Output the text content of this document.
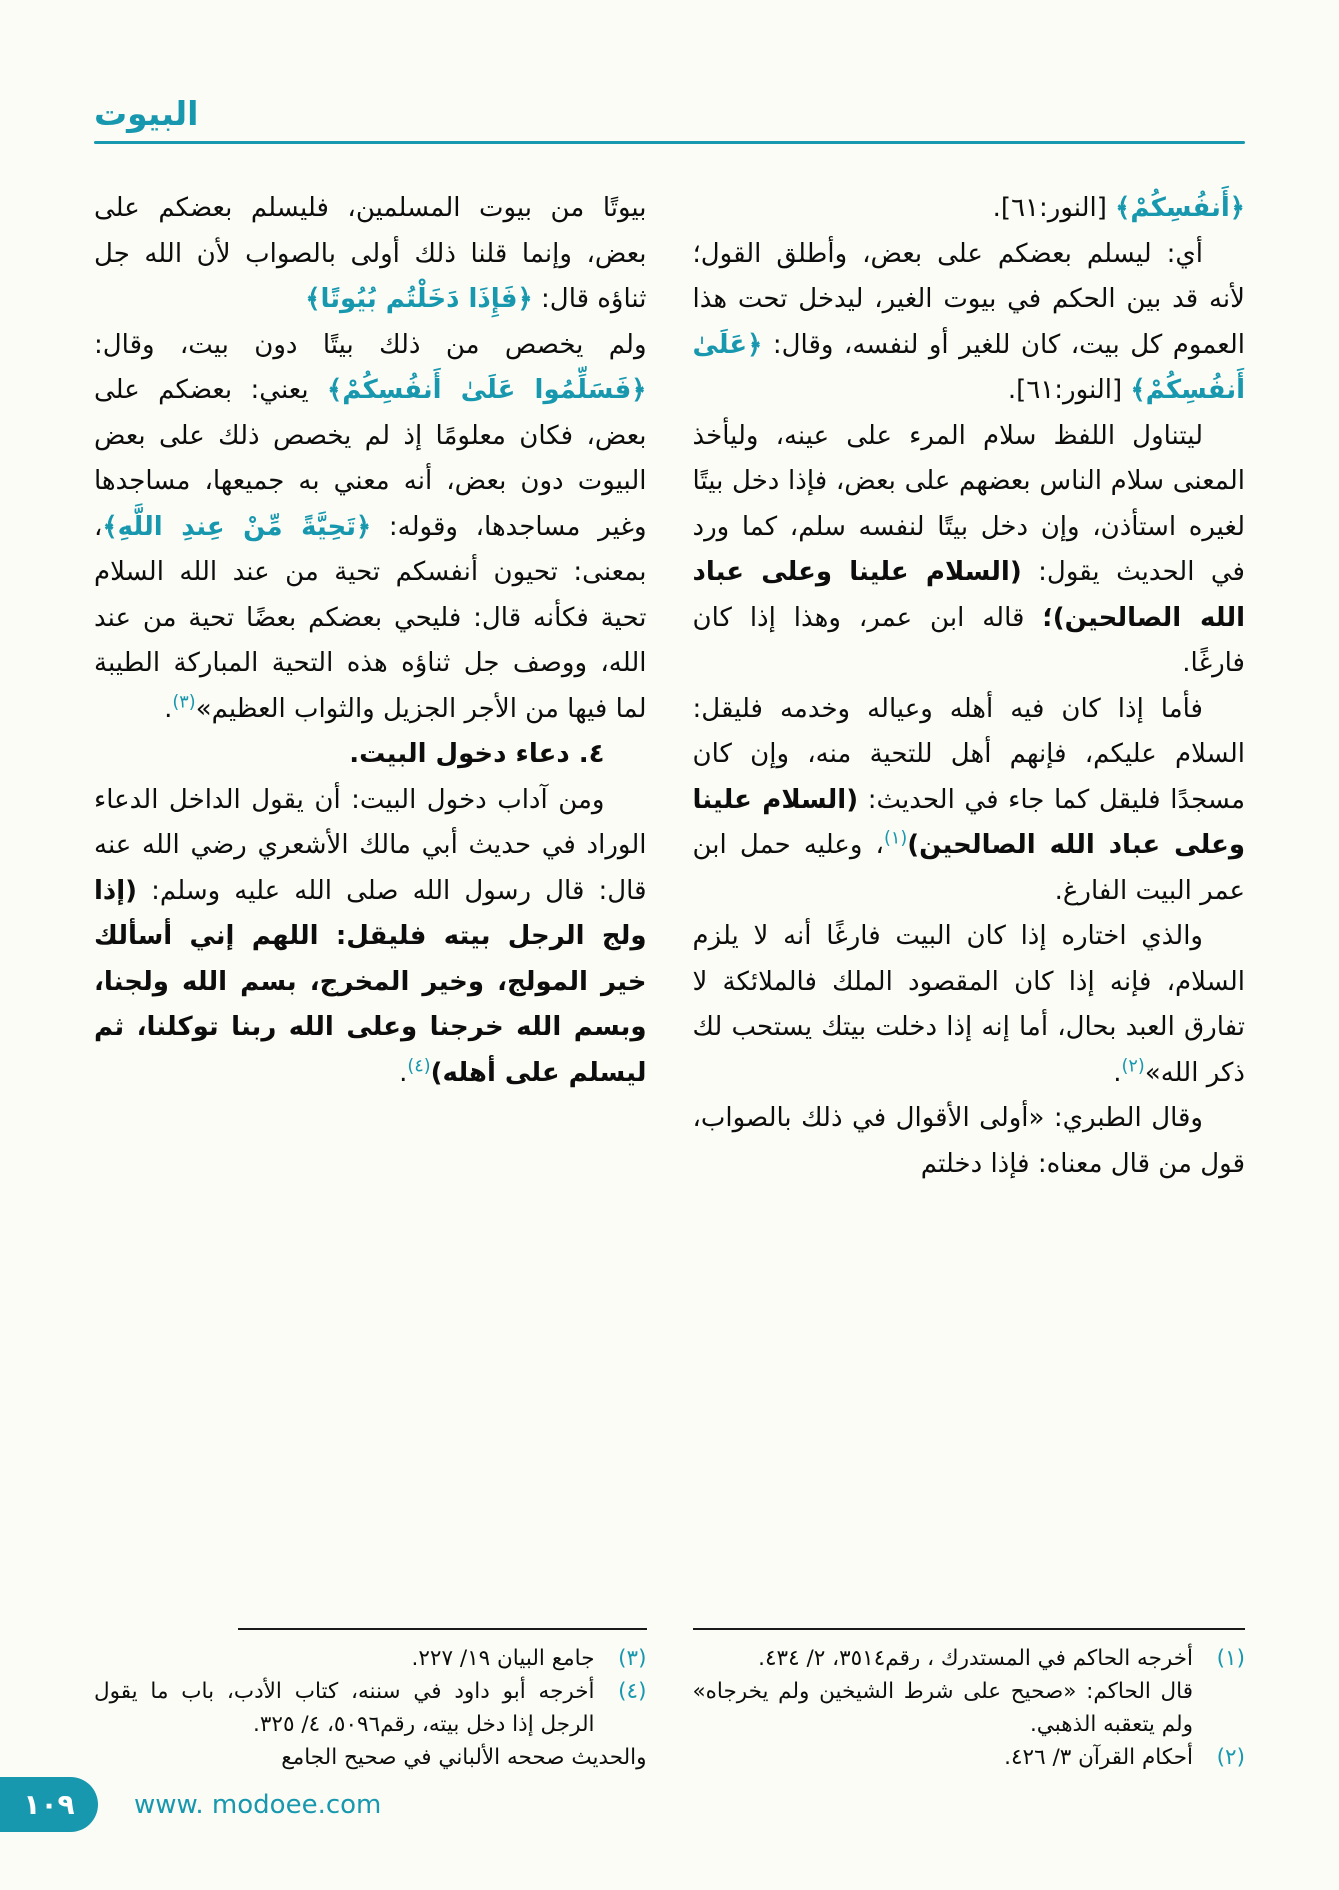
البيوت

﴿أَنفُسِكُمْ﴾ [النور:٦١].

أي: ليسلم بعضكم على بعض، وأطلق القول؛ لأنه قد بين الحكم في بيوت الغير، ليدخل تحت هذا العموم كل بيت، كان للغير أو لنفسه، وقال: ﴿عَلَىٰ أَنفُسِكُمْ﴾ [النور:٦١].

ليتناول اللفظ سلام المرء على عينه، وليأخذ المعنى سلام الناس بعضهم على بعض، فإذا دخل بيتًا لغيره استأذن، وإن دخل بيتًا لنفسه سلم، كما ورد في الحديث يقول: (السلام علينا وعلى عباد الله الصالحين)؛ قاله ابن عمر، وهذا إذا كان فارغًا.

فأما إذا كان فيه أهله وعياله وخدمه فليقل: السلام عليكم، فإنهم أهل للتحية منه، وإن كان مسجدًا فليقل كما جاء في الحديث: (السلام علينا وعلى عباد الله الصالحين)$^{(١)}$، وعليه حمل ابن عمر البيت الفارغ.

والذي اختاره إذا كان البيت فارغًا أنه لا يلزم السلام، فإنه إذا كان المقصود الملك فالملائكة لا تفارق العبد بحال، أما إنه إذا دخلت بيتك يستحب لك ذكر الله»$^{(٢)}$.

وقال الطبري: «أولى الأقوال في ذلك بالصواب، قول من قال معناه: فإذا دخلتم

(١)
أخرجه الحاكم في المستدرك ، رقم٣٥١٤، ٢/ ٤٣٤.
قال الحاكم: «صحيح على شرط الشيخين ولم يخرجاه» ولم يتعقبه الذهبي.
(٢)
أحكام القرآن ٣/ ٤٢٦.

بيوتًا من بيوت المسلمين، فليسلم بعضكم على بعض، وإنما قلنا ذلك أولى بالصواب لأن الله جل ثناؤه قال: ﴿فَإِذَا دَخَلْتُم بُيُوتًا﴾

ولم يخصص من ذلك بيتًا دون بيت، وقال: ﴿فَسَلِّمُوا عَلَىٰ أَنفُسِكُمْ﴾ يعني: بعضكم على بعض، فكان معلومًا إذ لم يخصص ذلك على بعض البيوت دون بعض، أنه معني به جميعها، مساجدها وغير مساجدها، وقوله: ﴿تَحِيَّةً مِّنْ عِندِ اللَّهِ﴾، بمعنى: تحيون أنفسكم تحية من عند الله السلام تحية فكأنه قال: فليحي بعضكم بعضًا تحية من عند الله، ووصف جل ثناؤه هذه التحية المباركة الطيبة لما فيها من الأجر الجزيل والثواب العظيم»$^{(٣)}$.

٤. دعاء دخول البيت.

ومن آداب دخول البيت: أن يقول الداخل الدعاء الوراد في حديث أبي مالك الأشعري رضي الله عنه قال: قال رسول الله صلى الله عليه وسلم: (إذا ولج الرجل بيته فليقل: اللهم إني أسألك خير المولج، وخير المخرج، بسم الله ولجنا، وبسم الله خرجنا وعلى الله ربنا توكلنا، ثم ليسلم على أهله)$^{(٤)}$.

(٣)
جامع البيان ١٩/ ٢٢٧.
(٤)
أخرجه أبو داود في سننه، كتاب الأدب، باب ما يقول الرجل إذا دخل بيته، رقم٥٠٩٦، ٤/ ٣٢٥.
والحديث صححه الألباني في صحيح الجامع
١٠٩ www. modoee.com
